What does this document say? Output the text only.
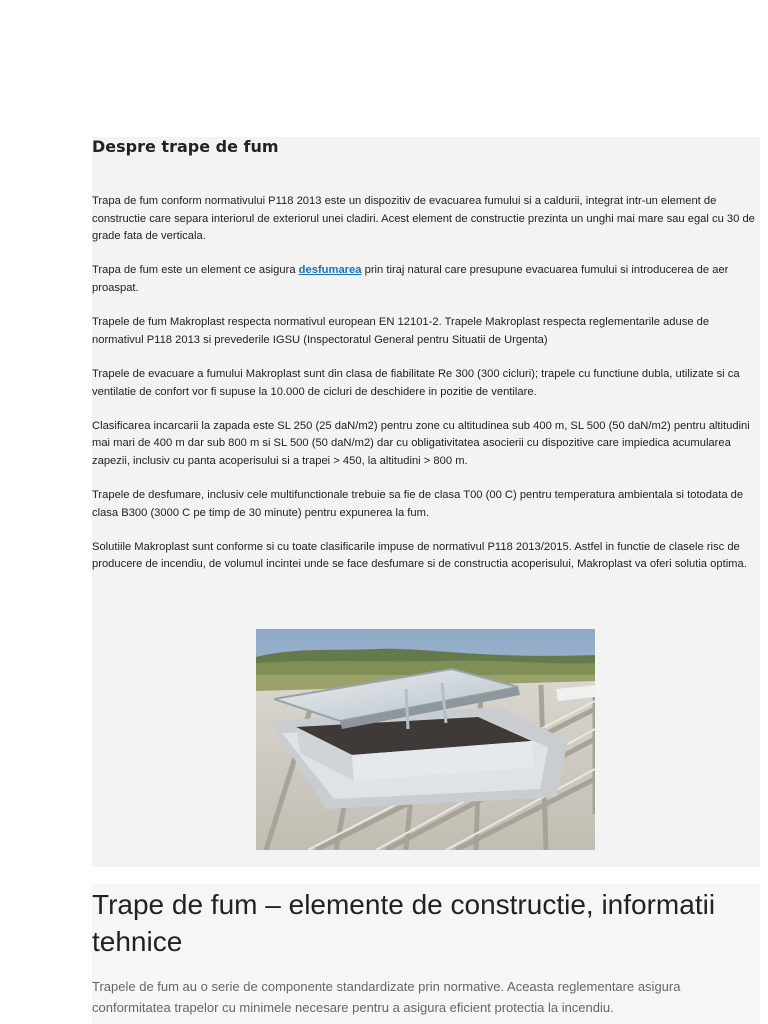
Despre trape de fum

Trapa de fum conform normativului P118 2013 este un dispozitiv de evacuarea fumului si a caldurii, integrat intr-un element de constructie care separa interiorul de exteriorul unei cladiri. Acest element de constructie prezinta un unghi mai mare sau egal cu 30 de grade fata de verticala.

Trapa de fum este un element ce asigura desfumarea prin tiraj natural care presupune evacuarea fumului si introducerea de aer proaspat.

Trapele de fum Makroplast respecta normativul european EN 12101-2. Trapele Makroplast respecta reglementarile aduse de normativul P118 2013 si prevederile IGSU (Inspectoratul General pentru Situatii de Urgenta)

Trapele de evacuare a fumului Makroplast sunt din clasa de fiabilitate Re 300 (300 cicluri); trapele cu functiune dubla, utilizate si ca ventilatie de confort vor fi supuse la 10.000 de cicluri de deschidere in pozitie de ventilare.

Clasificarea incarcarii la zapada este SL 250 (25 daN/m2) pentru zone cu altitudinea sub 400 m, SL 500 (50 daN/m2) pentru altitudini mai mari de 400 m dar sub 800 m si SL 500 (50 daN/m2) dar cu obligativitatea asocierii cu dispozitive care impiedica acumularea zapezii, inclusiv cu panta acoperisului si a trapei > 450, la altitudini > 800 m.

Trapele de desfumare, inclusiv cele multifunctionale trebuie sa fie de clasa T00 (00 C) pentru temperatura ambientala si totodata de clasa B300 (3000 C pe timp de 30 minute) pentru expunerea la fum.

Solutiile Makroplast sunt conforme si cu toate clasificarile impuse de normativul P118 2013/2015. Astfel in functie de clasele risc de producere de incendiu, de volumul incintei unde se face desfumare si de constructia acoperisului, Makroplast va oferi solutia optima.

Trape de fum – elemente de constructie, informatii tehnice

Trapele de fum au o serie de componente standardizate prin normative. Aceasta reglementare asigura conformitatea trapelor cu minimele necesare pentru a asigura eficient protectia la incendiu.
